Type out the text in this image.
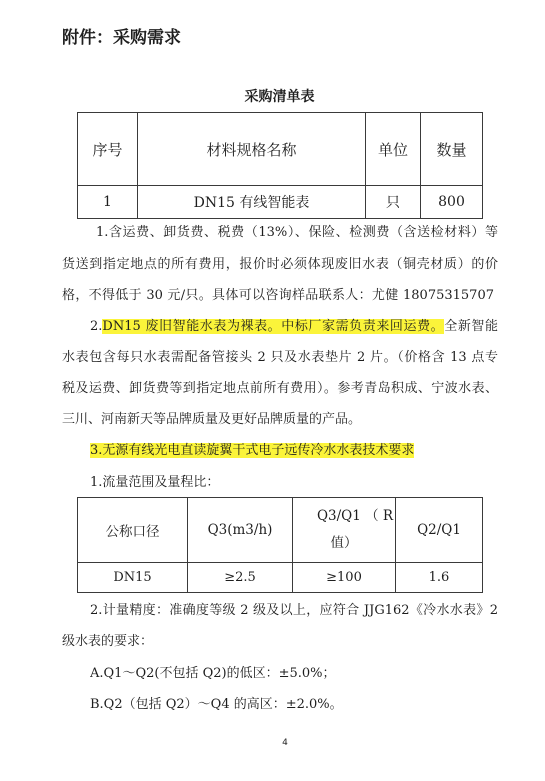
附件：采购需求
采购清单表
序号	材料规格名称	单位	数量
1	DN15 有线智能表	只	800
1.含运费、卸货费、税费（13%）、保险、检测费（含送检材料）等
货送到指定地点的所有费用，报价时必须体现废旧水表（铜壳材质）的价
格，不得低于 30 元/只。具体可以咨询样品联系人：尤健 18075315707
2.DN15 废旧智能水表为裸表。中标厂家需负责来回运费。全新智能
水表包含每只水表需配备管接头 2 只及水表垫片 2 片。（价格含 13 点专
税及运费、卸货费等到指定地点前所有费用）。参考青岛积成、宁波水表、
三川、河南新天等品牌质量及更好品牌质量的产品。
3.无源有线光电直读旋翼干式电子远传冷水水表技术要求
1.流量范围及量程比：
公称口径	Q3(m3/h)	Q3/Q1 （ R
值）	Q2/Q1
DN15	≥2.5	≥100	1.6
2.计量精度：准确度等级 2 级及以上，应符合 JJG162《冷水水表》2
级水表的要求：
A.Q1～Q2(不包括 Q2)的低区：±5.0%；
B.Q2（包括 Q2）～Q4 的高区：±2.0%。
4
